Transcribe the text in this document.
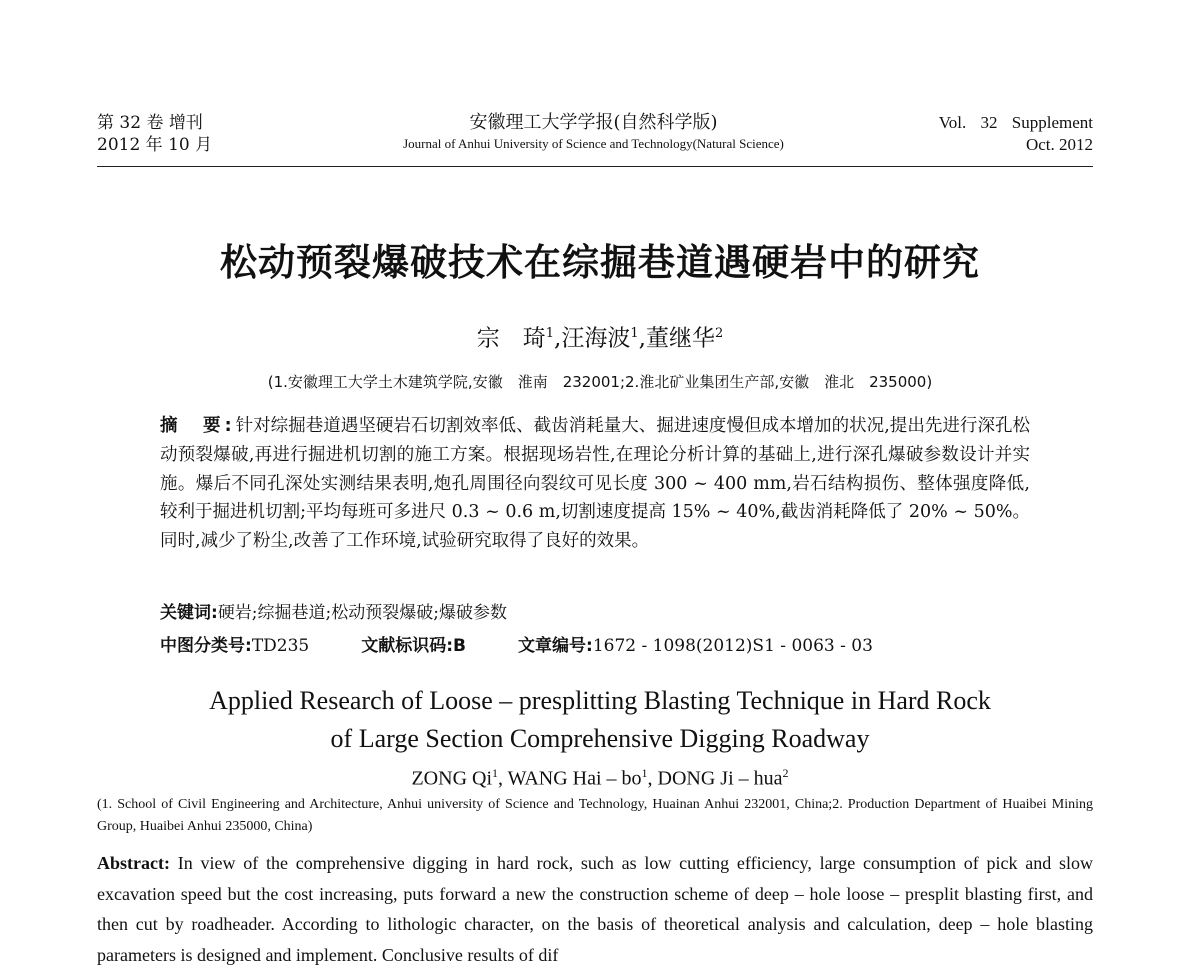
第 32 卷 增刊
2012 年 10 月
安徽理工大学学报(自然科学版)
Journal of Anhui University of Science and Technology(Natural Science)
Vol. 32 Supplement
Oct. 2012
松动预裂爆破技术在综掘巷道遇硬岩中的研究
宗　琦$^1$,汪海波$^1$,董继华$^2$
(1.安徽理工大学土木建筑学院,安徽　淮南　232001;2.淮北矿业集团生产部,安徽　淮北　235000)
摘　要:针对综掘巷道遇坚硬岩石切割效率低、截齿消耗量大、掘进速度慢但成本增加的状况,提出先进行深孔松动预裂爆破,再进行掘进机切割的施工方案。根据现场岩性,在理论分析计算的基础上,进行深孔爆破参数设计并实施。爆后不同孔深处实测结果表明,炮孔周围径向裂纹可见长度 300 ~ 400 mm,岩石结构损伤、整体强度降低,较利于掘进机切割;平均每班可多进尺 0.3 ~ 0.6 m,切割速度提高 15% ~ 40%,截齿消耗降低了 20% ~ 50%。同时,减少了粉尘,改善了工作环境,试验研究取得了良好的效果。
关键词:硬岩;综掘巷道;松动预裂爆破;爆破参数
中图分类号:TD235	文献标识码:B	文章编号:1672 - 1098(2012)S1 - 0063 - 03
Applied Research of Loose – presplitting Blasting Technique in Hard Rock
of Large Section Comprehensive Digging Roadway
ZONG Qi$^1$, WANG Hai – $bo^1$, DONG Ji – hua$^2$
(1. School of Civil Engineering and Architecture, Anhui university of Science and Technology, Huainan Anhui 232001, China;2. Production Department of Huaibei Mining Group, Huaibei Anhui 235000, China)
Abstract: In view of the comprehensive digging in hard rock, such as low cutting efficiency, large consumption of pick and slow excavation speed but the cost increasing, puts forward a new the construction scheme of deep – hole loose – presplit blasting first, and then cut by roadheader. According to lithologic character, on the basis of theoretical analysis and calculation, deep – hole blasting parameters is designed and implement. Conclusive results of dif
